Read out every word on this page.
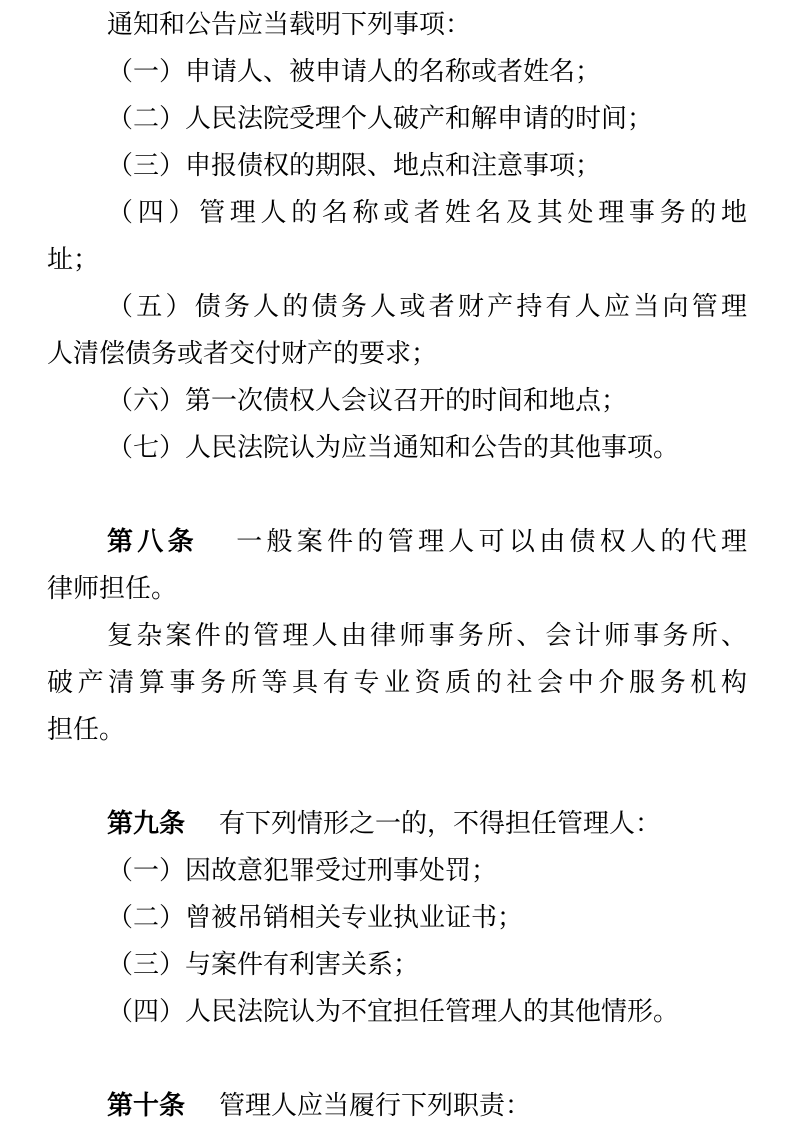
通知和公告应当载明下列事项：
（一）申请人、被申请人的名称或者姓名；
（二）人民法院受理个人破产和解申请的时间；
（三）申报债权的期限、地点和注意事项；
（四）管理人的名称或者姓名及其处理事务的地
址；
（五）债务人的债务人或者财产持有人应当向管理
人清偿债务或者交付财产的要求；
（六）第一次债权人会议召开的时间和地点；
（七）人民法院认为应当通知和公告的其他事项。
第八条 一般案件的管理人可以由债权人的代理
律师担任。
复杂案件的管理人由律师事务所、会计师事务所、
破产清算事务所等具有专业资质的社会中介服务机构
担任。
第九条 有下列情形之一的，不得担任管理人：
（一）因故意犯罪受过刑事处罚；
（二）曾被吊销相关专业执业证书；
（三）与案件有利害关系；
（四）人民法院认为不宜担任管理人的其他情形。
第十条 管理人应当履行下列职责：
